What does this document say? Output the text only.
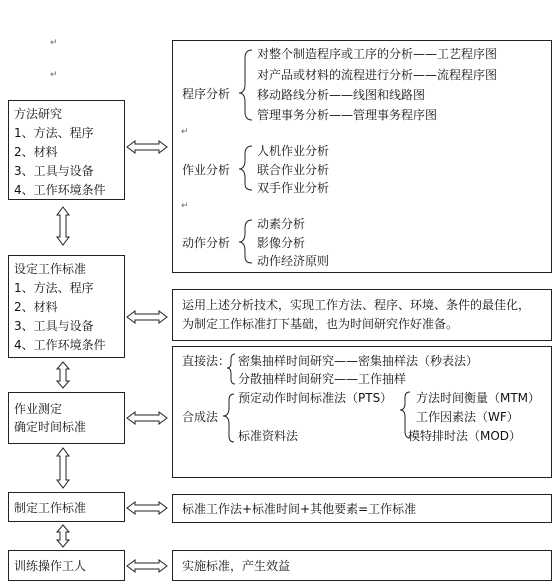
↵
↵
方法研究
1、方法、程序
2、材料
3、工具与设备
4、工作环境条件
设定工作标准
1、方法、程序
2、材料
3、工具与设备
4、工作环境条件
作业测定
确定时间标准
制定工作标准
训练操作工人
对整个制造程序或工序的分析——工艺程序图
对产品或材料的流程进行分析——流程程序图
移动路线分析——线图和线路图
管理事务分析——管理事务程序图
程序分析
↵
人机作业分析
联合作业分析
双手作业分析
作业分析
↵
动素分析
影像分析
动作经济原则
动作分析
运用上述分析技术，实现工作方法、程序、环境、条件的最佳化，
为制定工作标准打下基础，也为时间研究作好准备。
直接法： 密集抽样时间研究——密集抽样法（秒表法）
分散抽样时间研究——工作抽样
合成法
预定动作时间标准法（PTS） 方法时间衡量（MTM）
工作因素法（WF）
模特排时法（MOD）
标准资料法
标准工作法+标准时间+其他要素=工作标准
实施标准，产生效益
